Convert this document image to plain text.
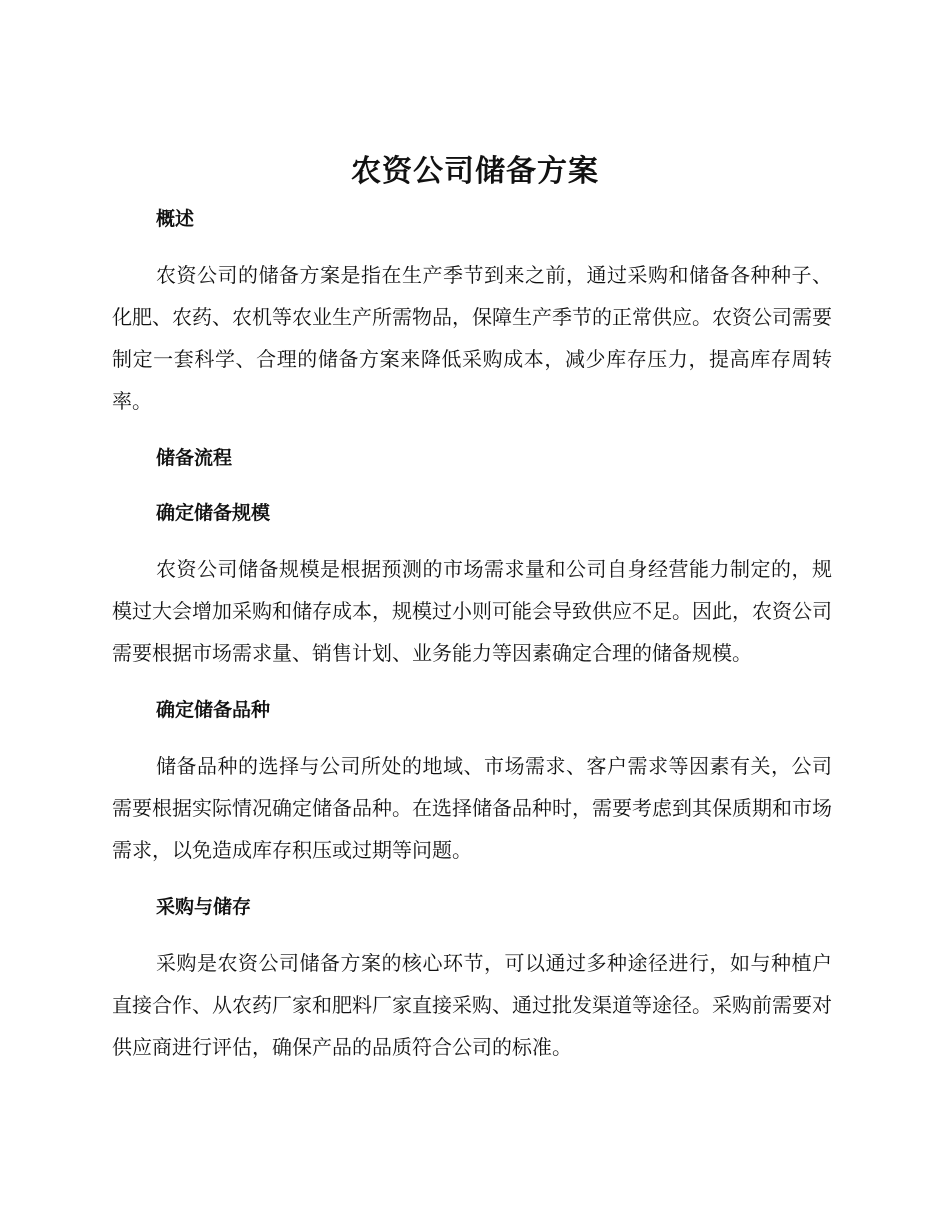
农资公司储备方案

概述

农资公司的储备方案是指在生产季节到来之前，通过采购和储备各种种子、化肥、农药、农机等农业生产所需物品，保障生产季节的正常供应。农资公司需要制定一套科学、合理的储备方案来降低采购成本，减少库存压力，提高库存周转率。

储备流程

确定储备规模

农资公司储备规模是根据预测的市场需求量和公司自身经营能力制定的，规模过大会增加采购和储存成本，规模过小则可能会导致供应不足。因此，农资公司需要根据市场需求量、销售计划、业务能力等因素确定合理的储备规模。

确定储备品种

储备品种的选择与公司所处的地域、市场需求、客户需求等因素有关，公司需要根据实际情况确定储备品种。在选择储备品种时，需要考虑到其保质期和市场需求，以免造成库存积压或过期等问题。

采购与储存

采购是农资公司储备方案的核心环节，可以通过多种途径进行，如与种植户直接合作、从农药厂家和肥料厂家直接采购、通过批发渠道等途径。采购前需要对供应商进行评估，确保产品的品质符合公司的标准。
